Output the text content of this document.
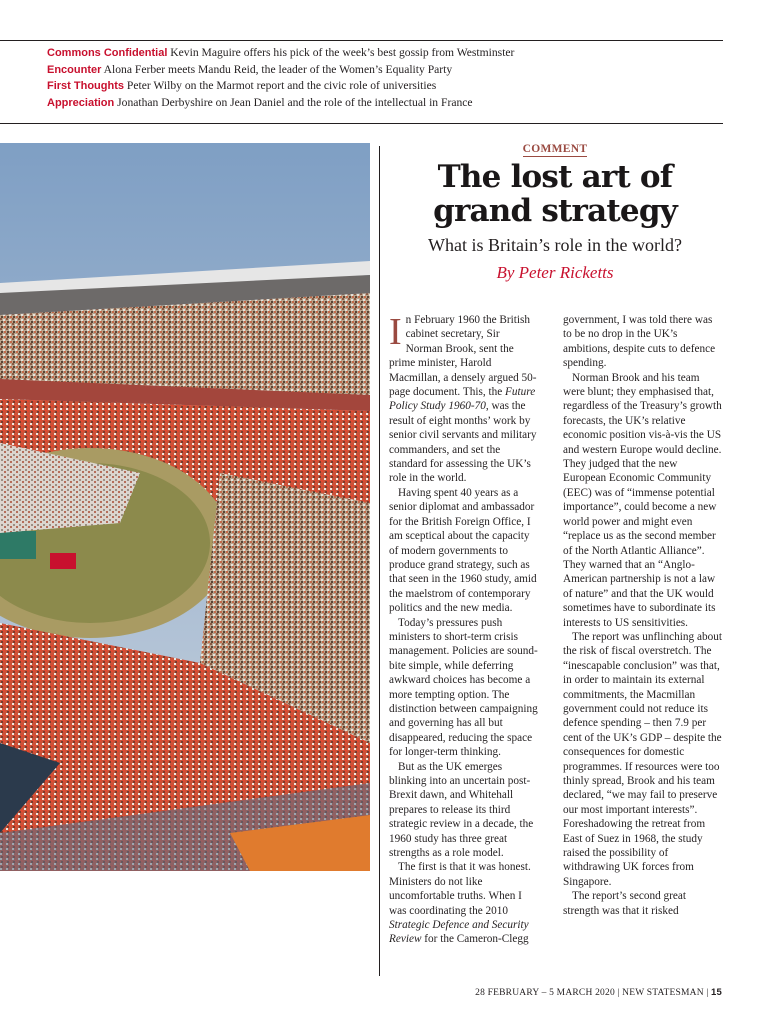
Commons Confidential Kevin Maguire offers his pick of the week’s best gossip from Westminster
Encounter Alona Ferber meets Mandu Reid, the leader of the Women’s Equality Party
First Thoughts Peter Wilby on the Marmot report and the civic role of universities
Appreciation Jonathan Derbyshire on Jean Daniel and the role of the intellectual in France
COMMENT
The lost art of
grand strategy
What is Britain’s role in the world?
By Peter Ricketts

In February 1960 the British cabinet secretary, Sir Norman Brook, sent the prime minister, Harold Macmillan, a densely argued 50-page document. This, the Future Policy Study 1960-70, was the result of eight months’ work by senior civil servants and military commanders, and set the standard for assessing the UK’s role in the world.

Having spent 40 years as a senior diplomat and ambassador for the British Foreign Office, I am sceptical about the capacity of modern governments to produce grand strategy, such as that seen in the 1960 study, amid the maelstrom of contemporary politics and the new media.

Today’s pressures push ministers to short-term crisis management. Policies are sound-bite simple, while deferring awkward choices has become a more tempting option. The distinction between campaigning and governing has all but disappeared, reducing the space for longer-term thinking.

But as the UK emerges blinking into an uncertain post-Brexit dawn, and Whitehall prepares to release its third strategic review in a decade, the 1960 study has three great strengths as a role model.

The first is that it was honest. Ministers do not like uncomfortable truths. When I was coordinating the 2010 Strategic Defence and Security Review for the Cameron-Clegg

government, I was told there was to be no drop in the UK’s ambitions, despite cuts to defence spending.

Norman Brook and his team were blunt; they emphasised that, regardless of the Treasury’s growth forecasts, the UK’s relative economic position vis-à-vis the US and western Europe would decline. They judged that the new European Economic Community (EEC) was of “immense potential importance”, could become a new world power and might even “replace us as the second member of the North Atlantic Alliance”. They warned that an “Anglo-American partnership is not a law of nature” and that the UK would sometimes have to subordinate its interests to US sensitivities.

The report was unflinching about the risk of fiscal overstretch. The “inescapable conclusion” was that, in order to maintain its external commitments, the Macmillan government could not reduce its defence spending – then 7.9 per cent of the UK’s GDP – despite the consequences for domestic programmes. If resources were too thinly spread, Brook and his team declared, “we may fail to preserve our most important interests”. Foreshadowing the retreat from East of Suez in 1968, the study raised the possibility of withdrawing UK forces from Singapore.

The report’s second great strength was that it risked

28 FEBRUARY – 5 MARCH 2020 | NEW STATESMAN | 15
